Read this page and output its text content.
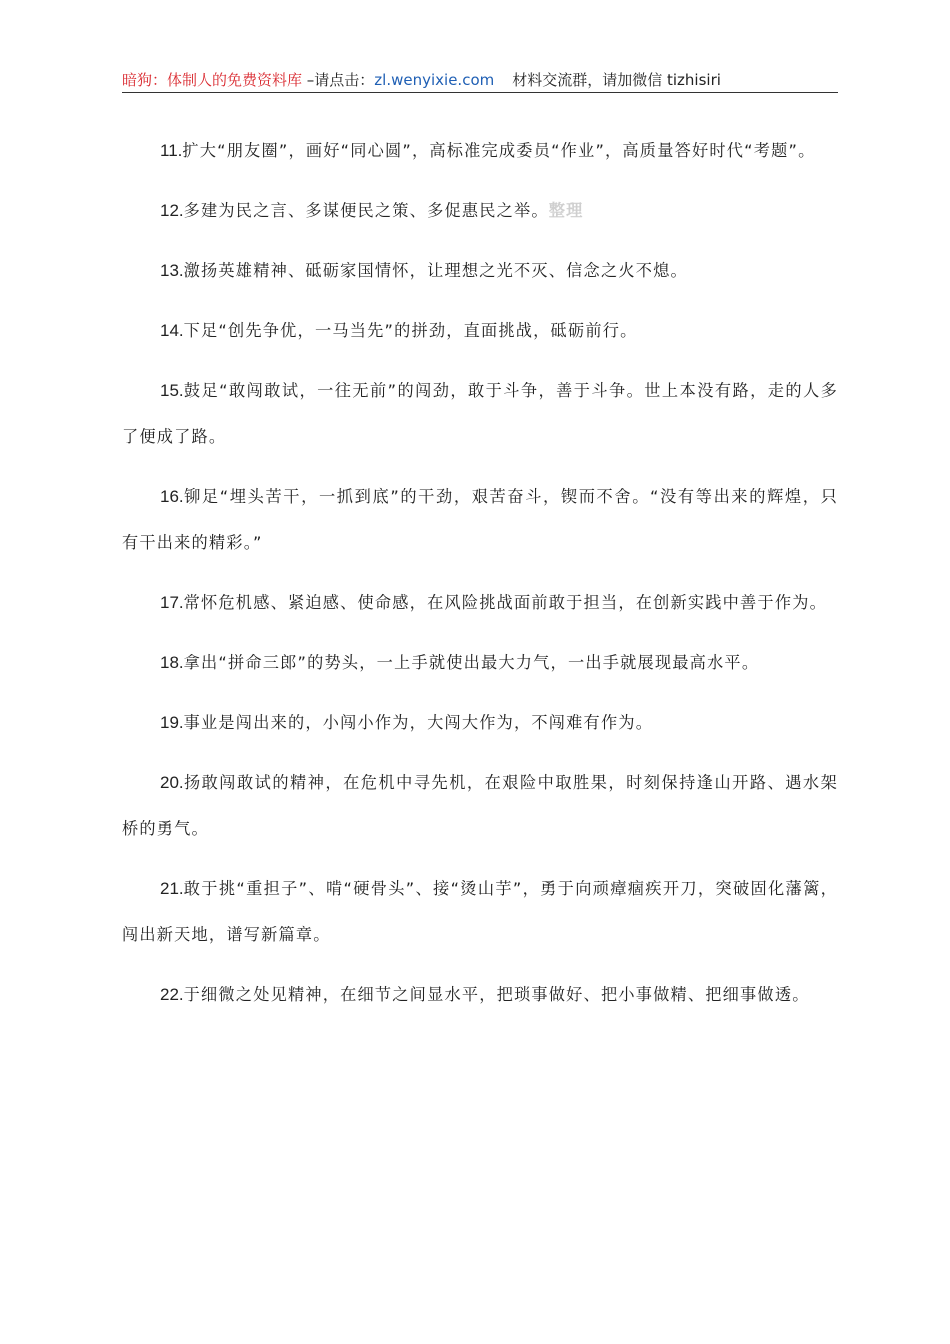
暗狗：体制人的免费资料库 –请点击：zl.wenyixie.com 材料交流群，请加微信 tizhisiri

11.扩大“朋友圈”，画好“同心圆”，高标准完成委员“作业”，高质量答好时代“考题”。

12.多建为民之言、多谋便民之策、多促惠民之举。整理

13.激扬英雄精神、砥砺家国情怀，让理想之光不灭、信念之火不熄。

14.下足“创先争优，一马当先”的拼劲，直面挑战，砥砺前行。

15.鼓足“敢闯敢试，一往无前”的闯劲，敢于斗争，善于斗争。世上本没有路，走的人多了便成了路。

16.铆足“埋头苦干，一抓到底”的干劲，艰苦奋斗，锲而不舍。“没有等出来的辉煌，只有干出来的精彩。”

17.常怀危机感、紧迫感、使命感，在风险挑战面前敢于担当，在创新实践中善于作为。

18.拿出“拼命三郎”的势头，一上手就使出最大力气，一出手就展现最高水平。

19.事业是闯出来的，小闯小作为，大闯大作为，不闯难有作为。

20.扬敢闯敢试的精神，在危机中寻先机，在艰险中取胜果，时刻保持逢山开路、遇水架桥的勇气。

21.敢于挑“重担子”、啃“硬骨头”、接“烫山芋”，勇于向顽瘴痼疾开刀，突破固化藩篱，闯出新天地，谱写新篇章。

22.于细微之处见精神，在细节之间显水平，把琐事做好、把小事做精、把细事做透。
